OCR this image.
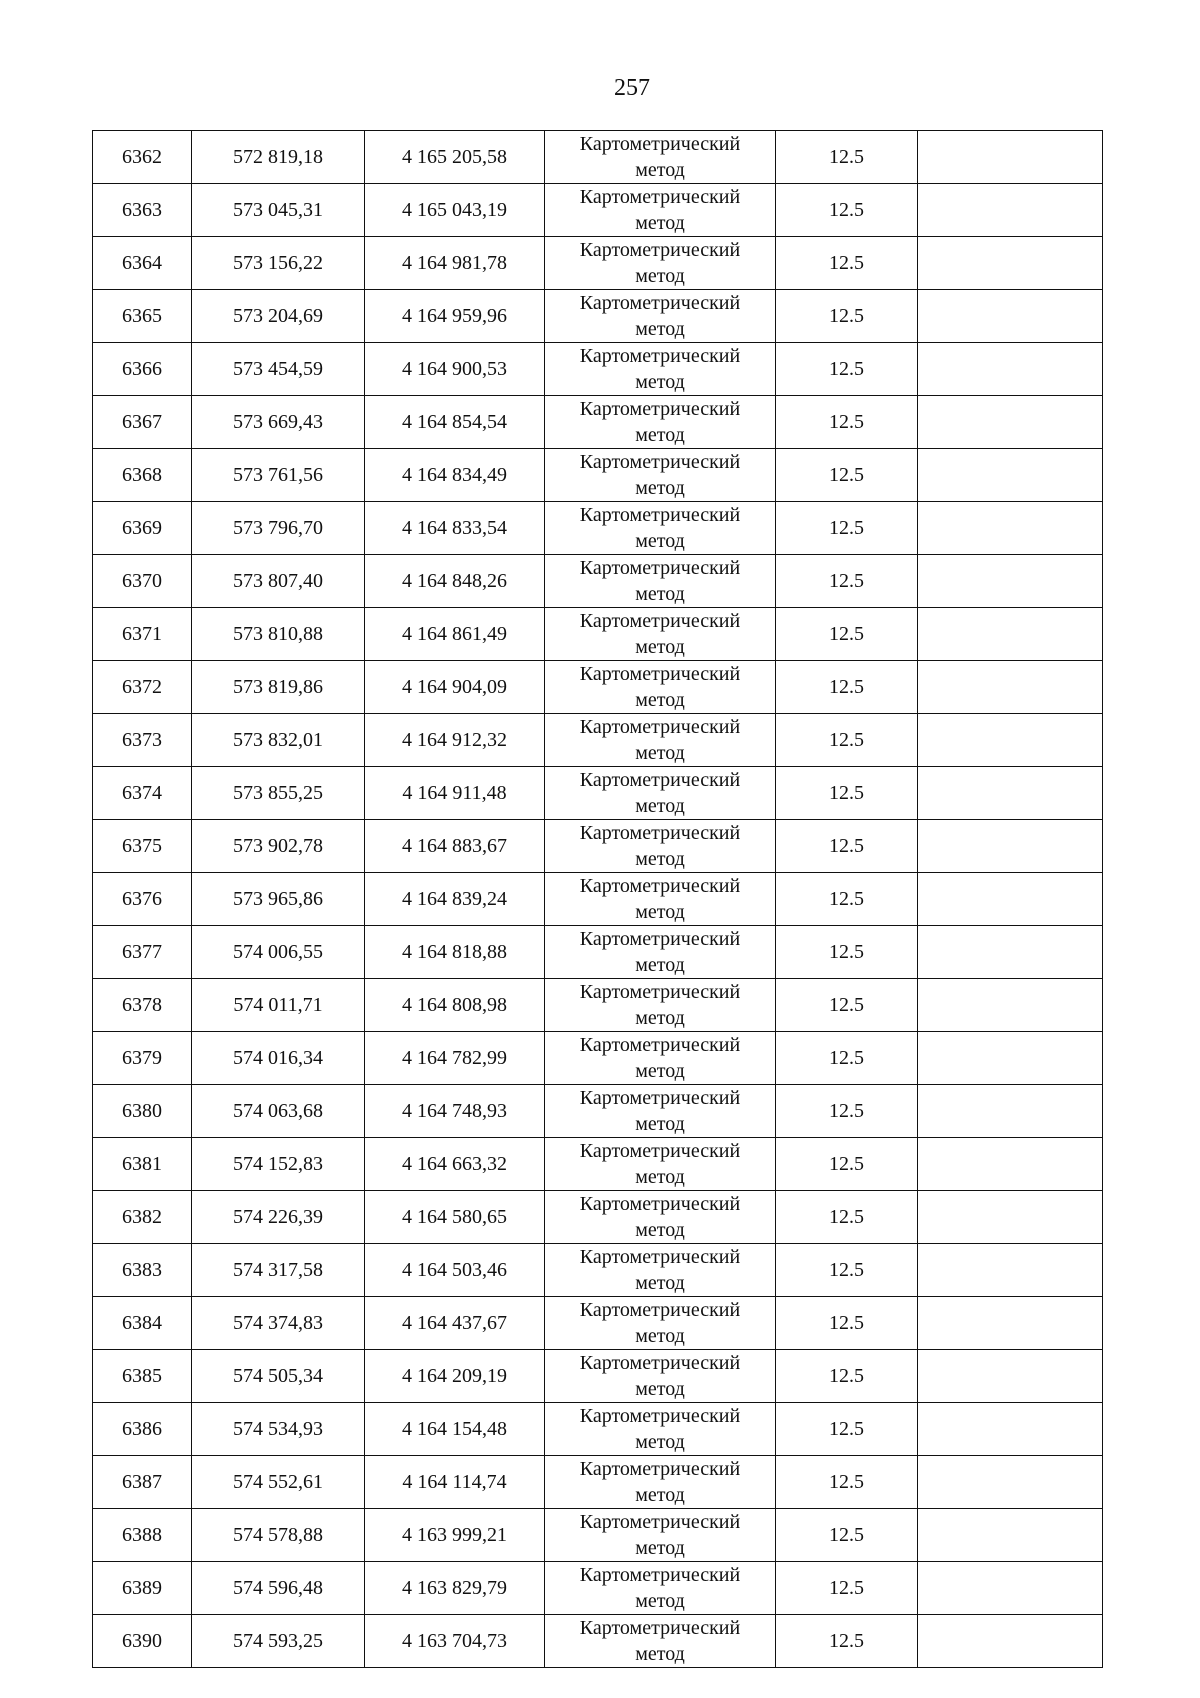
257
6362	572 819,18	4 165 205,58	Картометрический
метод	12.5	
6363	573 045,31	4 165 043,19	Картометрический
метод	12.5	
6364	573 156,22	4 164 981,78	Картометрический
метод	12.5	
6365	573 204,69	4 164 959,96	Картометрический
метод	12.5	
6366	573 454,59	4 164 900,53	Картометрический
метод	12.5	
6367	573 669,43	4 164 854,54	Картометрический
метод	12.5	
6368	573 761,56	4 164 834,49	Картометрический
метод	12.5	
6369	573 796,70	4 164 833,54	Картометрический
метод	12.5	
6370	573 807,40	4 164 848,26	Картометрический
метод	12.5	
6371	573 810,88	4 164 861,49	Картометрический
метод	12.5	
6372	573 819,86	4 164 904,09	Картометрический
метод	12.5	
6373	573 832,01	4 164 912,32	Картометрический
метод	12.5	
6374	573 855,25	4 164 911,48	Картометрический
метод	12.5	
6375	573 902,78	4 164 883,67	Картометрический
метод	12.5	
6376	573 965,86	4 164 839,24	Картометрический
метод	12.5	
6377	574 006,55	4 164 818,88	Картометрический
метод	12.5	
6378	574 011,71	4 164 808,98	Картометрический
метод	12.5	
6379	574 016,34	4 164 782,99	Картометрический
метод	12.5	
6380	574 063,68	4 164 748,93	Картометрический
метод	12.5	
6381	574 152,83	4 164 663,32	Картометрический
метод	12.5	
6382	574 226,39	4 164 580,65	Картометрический
метод	12.5	
6383	574 317,58	4 164 503,46	Картометрический
метод	12.5	
6384	574 374,83	4 164 437,67	Картометрический
метод	12.5	
6385	574 505,34	4 164 209,19	Картометрический
метод	12.5	
6386	574 534,93	4 164 154,48	Картометрический
метод	12.5	
6387	574 552,61	4 164 114,74	Картометрический
метод	12.5	
6388	574 578,88	4 163 999,21	Картометрический
метод	12.5	
6389	574 596,48	4 163 829,79	Картометрический
метод	12.5	
6390	574 593,25	4 163 704,73	Картометрический
метод	12.5	
